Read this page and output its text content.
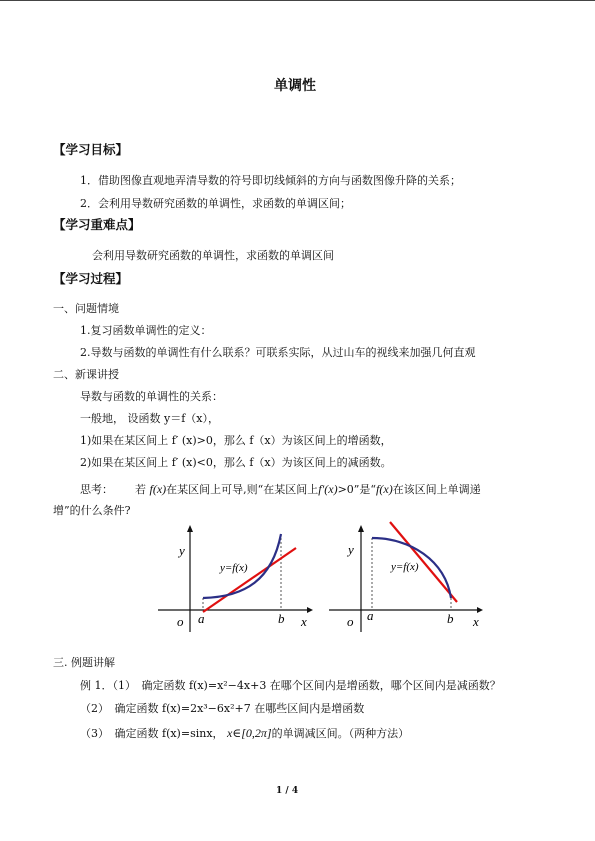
单调性
【学习目标】
1．借助图像直观地弄清导数的符号即切线倾斜的方向与函数图像升降的关系；
2．会利用导数研究函数的单调性，求函数的单调区间；
【学习重难点】
会利用导数研究函数的单调性，求函数的单调区间
【学习过程】
一、问题情境
1.复习函数单调性的定义：
2.导数与函数的单调性有什么联系？可联系实际，从过山车的视线来加强几何直观
二、新课讲授
导数与函数的单调性的关系：
一般地， 设函数 y＝f（x），
1)如果在某区间上 f′ (x)>0，那么 f（x）为该区间上的增函数，
2)如果在某区间上 f′ (x)<0，那么 f（x）为该区间上的减函数。
思考： 若 f(x)在某区间上可导,则“在某区间上f′(x)>0”是“f(x)在该区间上单调递
增”的什么条件?
y
x
o a	b
y=f(x)
y
x
o a	b
y=f(x)
三. 例题讲解
例 1．（1）　确定函数 f(x)=x²−4x+3 在哪个区间内是增函数，哪个区间内是减函数？
（2）　确定函数 f(x)=2x³−6x²+7 在哪些区间内是增函数
（3）　确定函数 f(x)=sinx， x∈[0,2π]的单调减区间。（两种方法）
1 / 4
